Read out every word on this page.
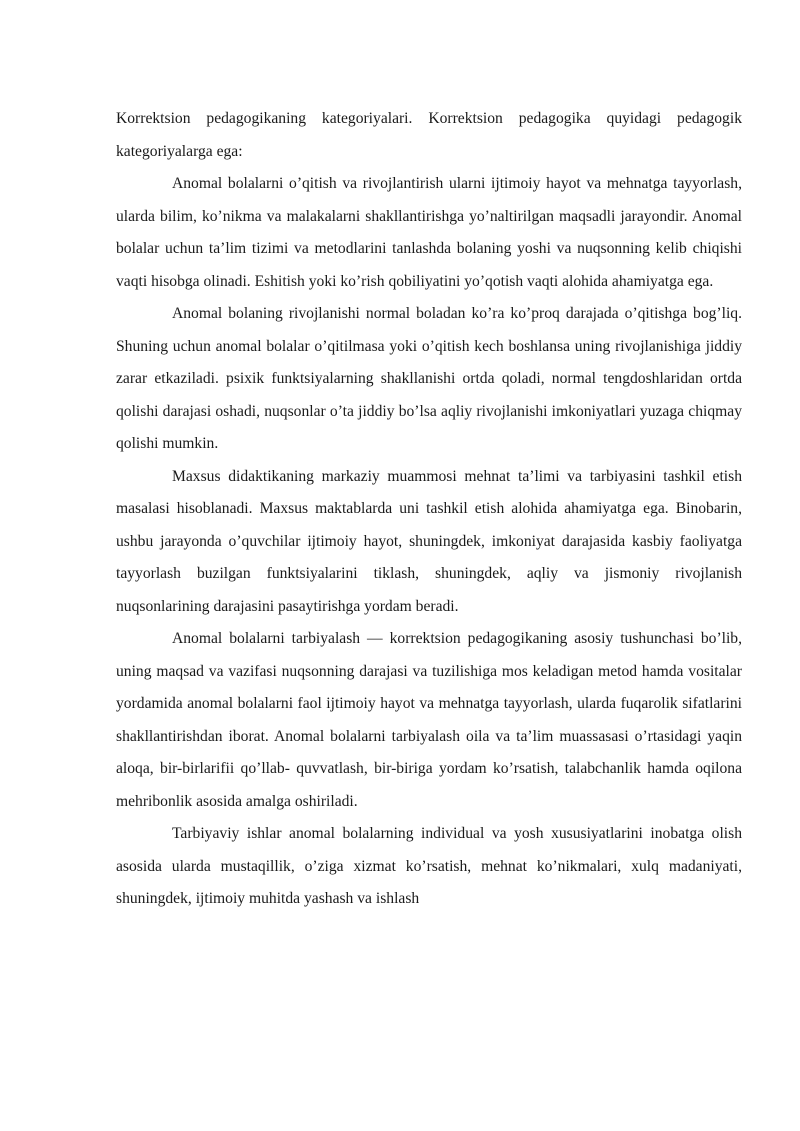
Korrektsion pedagogikaning kategoriyalari. Korrektsion pedagogika quyidagi pedagogik kategoriyalarga ega:

Anomal bolalarni o’qitish va rivojlantirish ularni ijtimoiy hayot va mehnatga tayyorlash, ularda bilim, ko’nikma va malakalarni shakllantirishga yo’naltirilgan maqsadli jarayondir. Anomal bolalar uchun ta’lim tizimi va metodlarini tanlashda bolaning yoshi va nuqsonning kelib chiqishi vaqti hisobga olinadi. Eshitish yoki ko’rish qobiliyatini yo’qotish vaqti alohida ahamiyatga ega.

Anomal bolaning rivojlanishi normal boladan ko’ra ko’proq darajada o’qitishga bog’liq. Shuning uchun anomal bolalar o’qitilmasa yoki o’qitish kech boshlansa uning rivojlanishiga jiddiy zarar etkaziladi. psixik funktsiyalarning shakllanishi ortda qoladi, normal tengdoshlaridan ortda qolishi darajasi oshadi, nuqsonlar o’ta jiddiy bo’lsa aqliy rivojlanishi imkoniyatlari yuzaga chiqmay qolishi mumkin.

Maxsus didaktikaning markaziy muammosi mehnat ta’limi va tarbiyasini tashkil etish masalasi hisoblanadi. Maxsus maktablarda uni tashkil etish alohida ahamiyatga ega. Binobarin, ushbu jarayonda o’quvchilar ijtimoiy hayot, shuningdek, imkoniyat darajasida kasbiy faoliyatga tayyorlash buzilgan funktsiyalarini tiklash, shuningdek, aqliy va jismoniy rivojlanish nuqsonlarining darajasini pasaytirishga yordam beradi.

Anomal bolalarni tarbiyalash — korrektsion pedagogikaning asosiy tushunchasi bo’lib, uning maqsad va vazifasi nuqsonning darajasi va tuzilishiga mos keladigan metod hamda vositalar yordamida anomal bolalarni faol ijtimoiy hayot va mehnatga tayyorlash, ularda fuqarolik sifatlarini shakllantirishdan iborat. Anomal bolalarni tarbiyalash oila va ta’lim muassasasi o’rtasidagi yaqin aloqa, bir-birlarifii qo’llab- quvvatlash, bir-biriga yordam ko’rsatish, talabchanlik hamda oqilona mehribonlik asosida amalga oshiriladi.

Tarbiyaviy ishlar anomal bolalarning individual va yosh xususiyatlarini inobatga olish asosida ularda mustaqillik, o’ziga xizmat ko’rsatish, mehnat ko’nikmalari, xulq madaniyati, shuningdek, ijtimoiy muhitda yashash va ishlash
